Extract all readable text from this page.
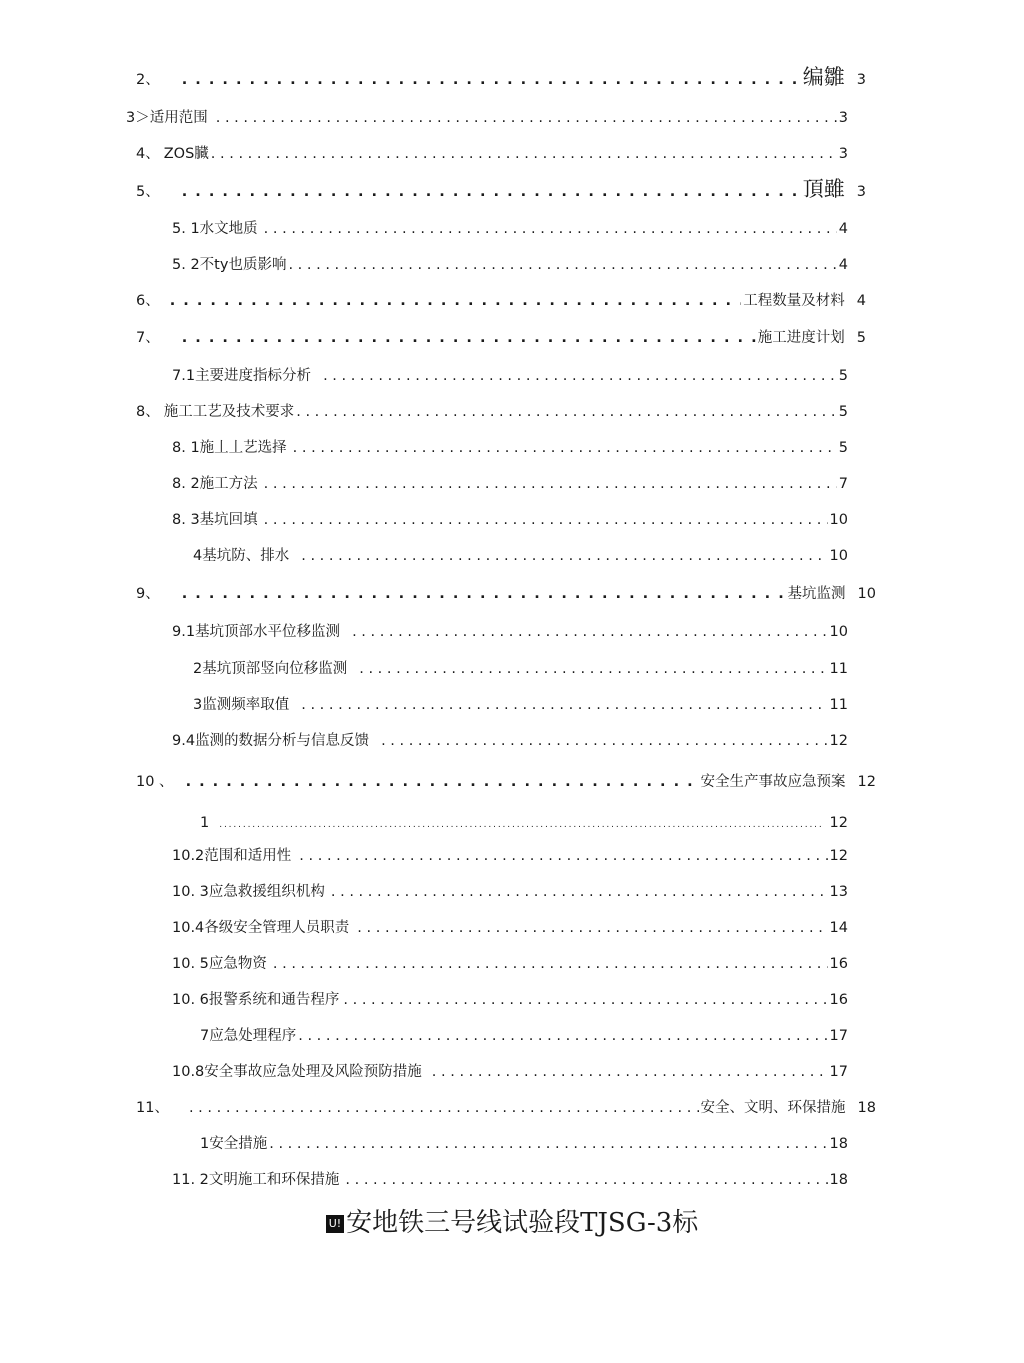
2、 . . .	编雛 3
3＞ 适用范围 . . .	3
4、 ZOS臓 . . .	3
5、 . . .	頂雖 3
5. 1 水文地质 . . .	4
5. 2 不ty也质影响 . . .	4
6、 . . .	工程数量及材料 4
7、 . . .	施工进度计划 5
7.1 主要进度指标分析 . . .	5
8、 施工工艺及技术要求 . . .	5
8. 1 施丄丄艺选择 . . .	5
8. 2 施工方法 . . .	7
8. 3 基坑回填 . . .	10
4 基坑防、排水 . . .	10
9、 . . .	基坑监测 10
9.1 基坑顶部水平位移监测 . . .	10
2 基坑顶部竖向位移监测 . . .	11
3 监测频率取值 . . .	11
9.4 监测的数据分析与信息反馈 . . .	12
10 、 . . .	安全生产事故应急预案 12
1 . . .	12
10.2 范围和适用性 . . .	12
10. 3 应急救援组织机构 . . .	13
10.4 各级安全管理人员职责 . . .	14
10. 5 应急物资 . . .	16
10. 6 报警系统和通告程序 . . .	16
7 应急处理程序 . . .	17
10.8 安全事故应急处理及风险预防措施 . . .	17
11、 . . .	安全、文明、环保措施 18
1 安全措施 . . .	18
11. 2 文明施工和环保措施 . . .	18
U! 安地铁三号线试验段TJSG-3标
